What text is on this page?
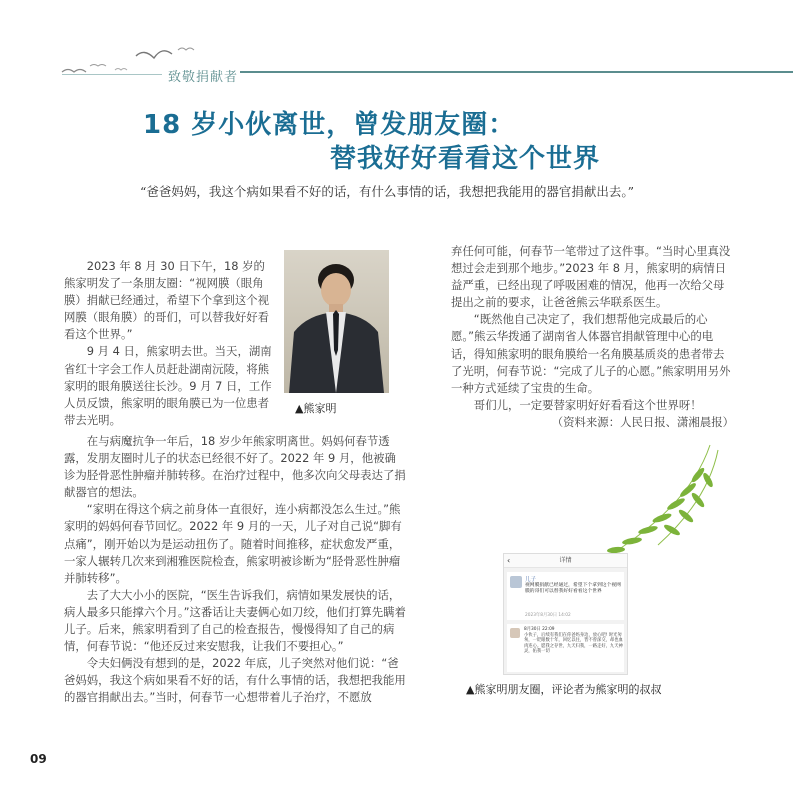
致敬捐献者
18 岁小伙离世，曾发朋友圈：
替我好好看看这个世界
“爸爸妈妈，我这个病如果看不好的话，有什么事情的话，我想把我能用的器官捐献出去。”

2023 年 8 月 30 日下午，18 岁的熊家明发了一条朋友圈：“视网膜（眼角膜）捐献已经通过，希望下个拿到这个视网膜（眼角膜）的哥们，可以替我好好看看这个世界。”

9 月 4 日，熊家明去世。当天，湖南省红十字会工作人员赶赴湖南沅陵，将熊家明的眼角膜送往长沙。9 月 7 日，工作人员反馈，熊家明的眼角膜已为一位患者带去光明。

▲熊家明

在与病魔抗争一年后，18 岁少年熊家明离世。妈妈何春节透露，发朋友圈时儿子的状态已经很不好了。2022 年 9 月，他被确诊为胫骨恶性肿瘤并肺转移。在治疗过程中，他多次向父母表达了捐献器官的想法。

“家明在得这个病之前身体一直很好，连小病都没怎么生过。”熊家明的妈妈何春节回忆。2022 年 9 月的一天，儿子对自己说“脚有点痛”，刚开始以为是运动扭伤了。随着时间推移，症状愈发严重，一家人辗转几次来到湘雅医院检查，熊家明被诊断为“胫骨恶性肿瘤并肺转移”。

去了大大小小的医院，“医生告诉我们，病情如果发展快的话，病人最多只能撑六个月。”这番话让夫妻俩心如刀绞，他们打算先瞒着儿子。后来，熊家明看到了自己的检查报告，慢慢得知了自己的病情，何春节说：“他还反过来安慰我，让我们不要担心。”

令夫妇俩没有想到的是，2022 年底，儿子突然对他们说：“爸爸妈妈，我这个病如果看不好的话，有什么事情的话，我想把我能用的器官捐献出去。”当时，何春节一心想带着儿子治疗，不愿放

弃任何可能，何春节一笔带过了这件事。“当时心里真没想过会走到那个地步。”2023 年 8 月，熊家明的病情日益严重，已经出现了呼吸困难的情况，他再一次给父母提出之前的要求，让爸爸熊云华联系医生。

“既然他自己决定了，我们想帮他完成最后的心愿。”熊云华拨通了湖南省人体器官捐献管理中心的电话，得知熊家明的眼角膜给一名角膜基质炎的患者带去了光明，何春节说：“完成了儿子的心愿。”熊家明用另外一种方式延续了宝贵的生命。

哥们儿，一定要替家明好好看看这个世界呀！

（资料来源：人民日报、潇湘晨报）

‹	详情
儿子
视网膜捐献已经通过，希望下个拿到这个视网膜的哥们可以替我好好看看这个世界
2023年8月30日 14:02
8月30日 22:09
小伙子，后续有我们在你爸妈身边，放心吧! 时光匆匆，一眨眼数十年，回忆以往，皆不曾深交，却也血肉连心。愿我之存世，九天归我，一路走好，九天神灵，佑我一切
▲熊家明朋友圈，评论者为熊家明的叔叔
09
